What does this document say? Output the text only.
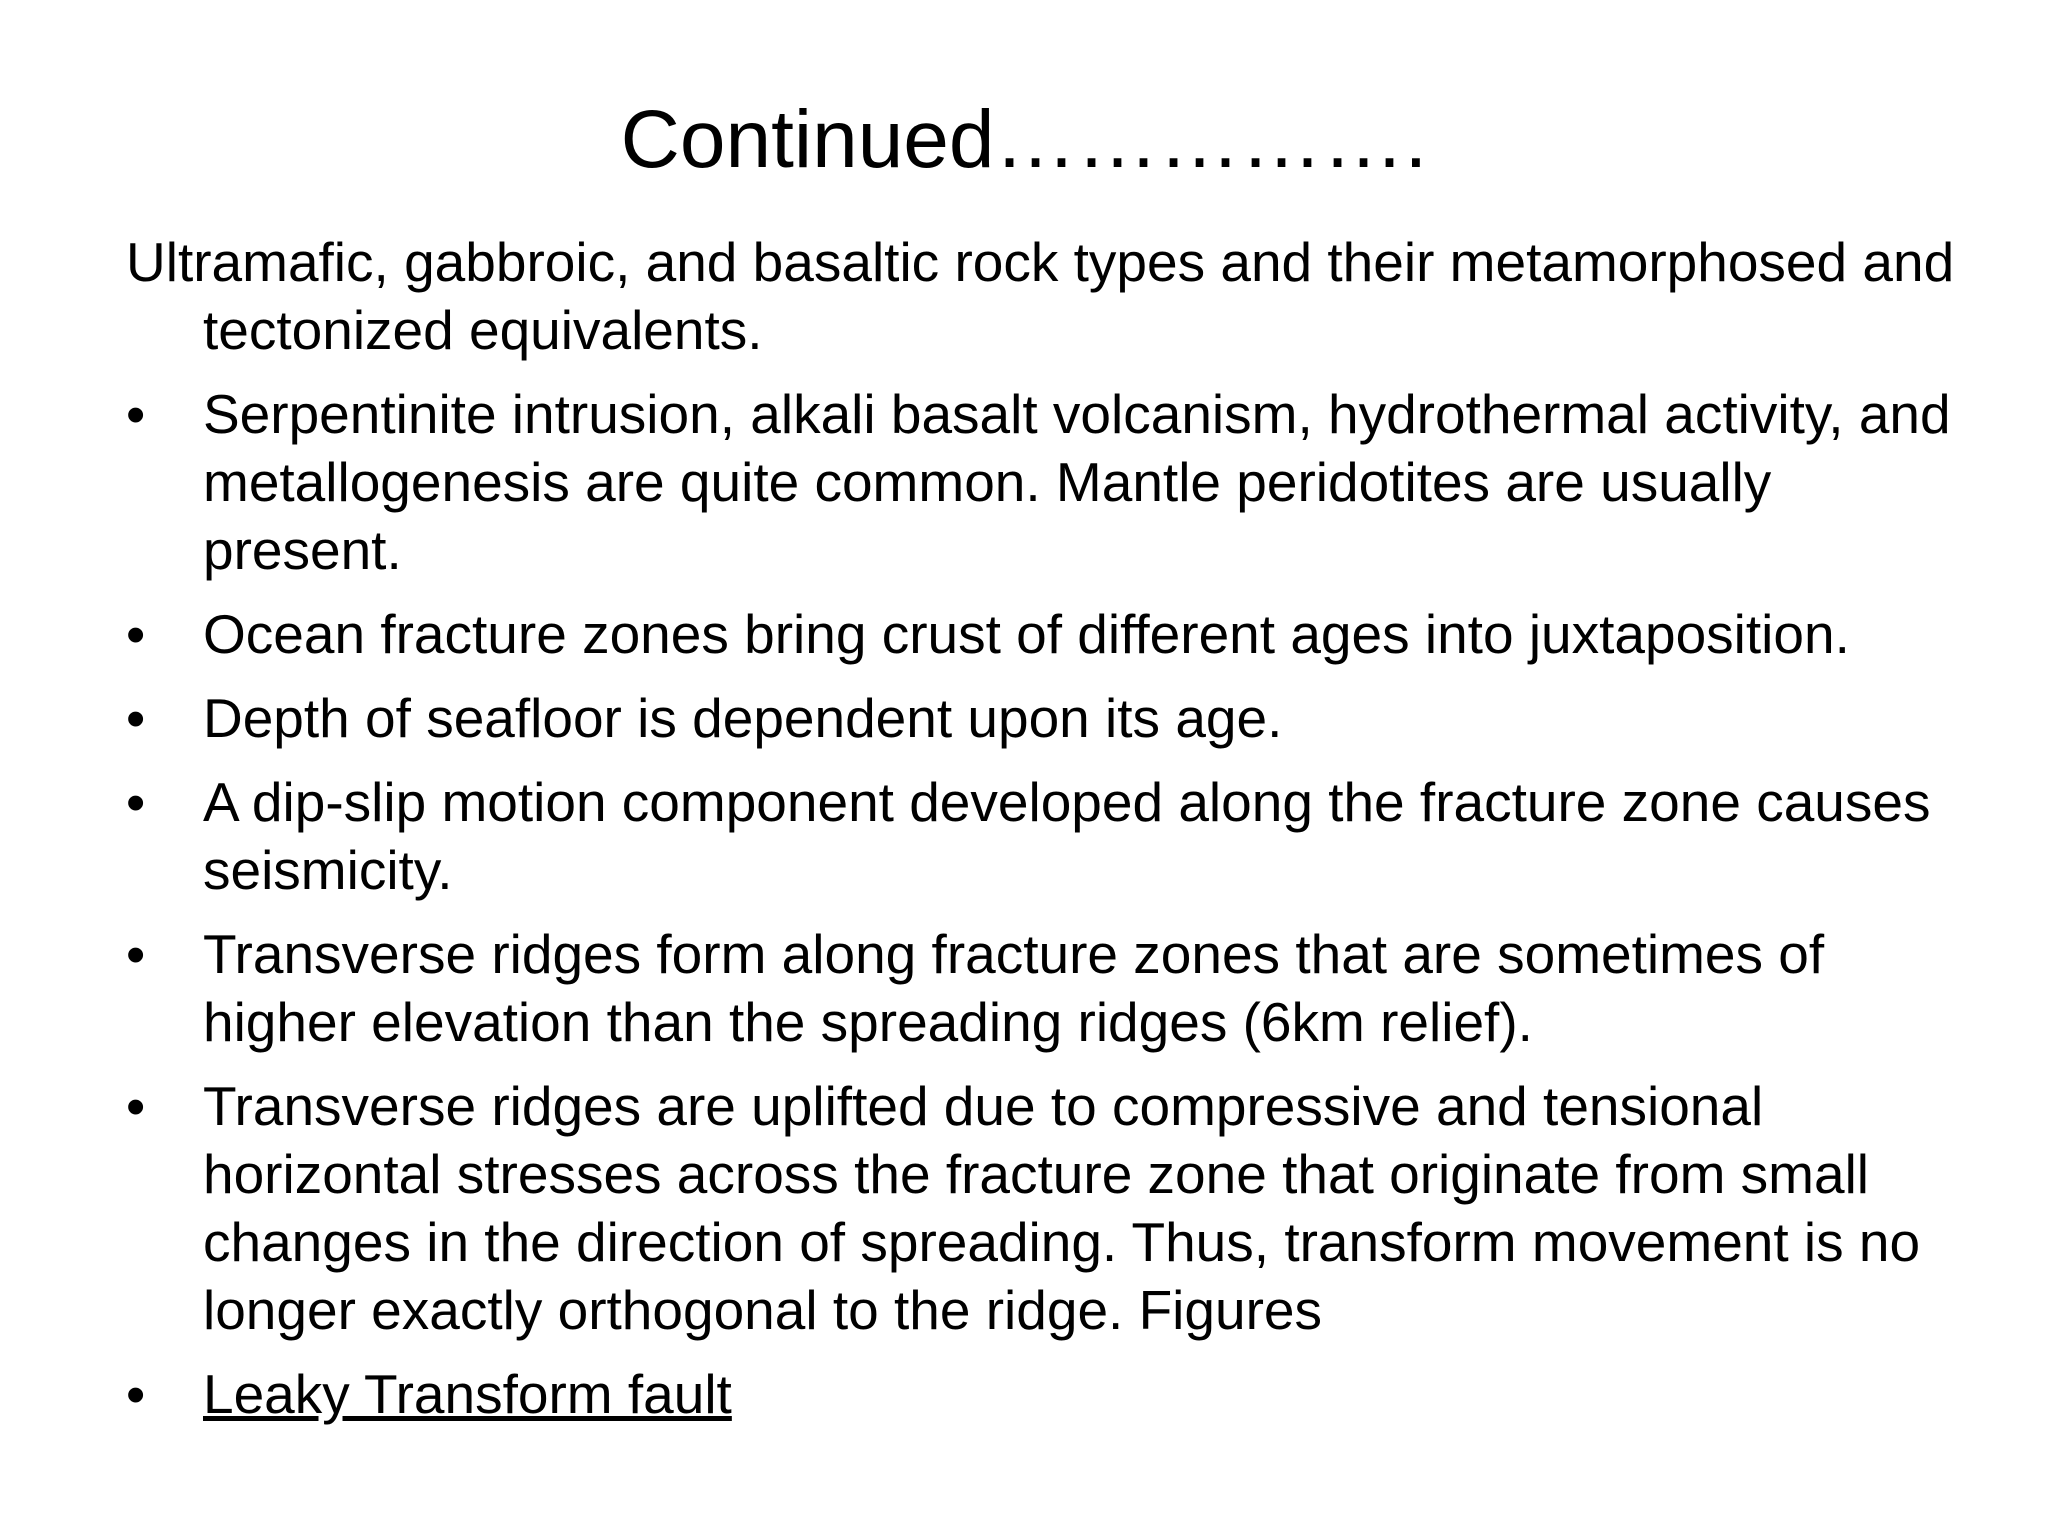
Continued…………….

Ultramafic, gabbroic, and basaltic rock types and their metamorphosed and tectonized equivalents.

• Serpentinite intrusion, alkali basalt volcanism, hydrothermal activity, and metallogenesis are quite common. Mantle peridotites are usually present.
• Ocean fracture zones bring crust of different ages into juxtaposition.
• Depth of seafloor is dependent upon its age.
• A dip-slip motion component developed along the fracture zone causes seismicity.
• Transverse ridges form along fracture zones that are sometimes of higher elevation than the spreading ridges (6km relief).
• Transverse ridges are uplifted due to compressive and tensional horizontal stresses across the fracture zone that originate from small changes in the direction of spreading. Thus, transform movement is no longer exactly orthogonal to the ridge. Figures
• Leaky Transform fault
